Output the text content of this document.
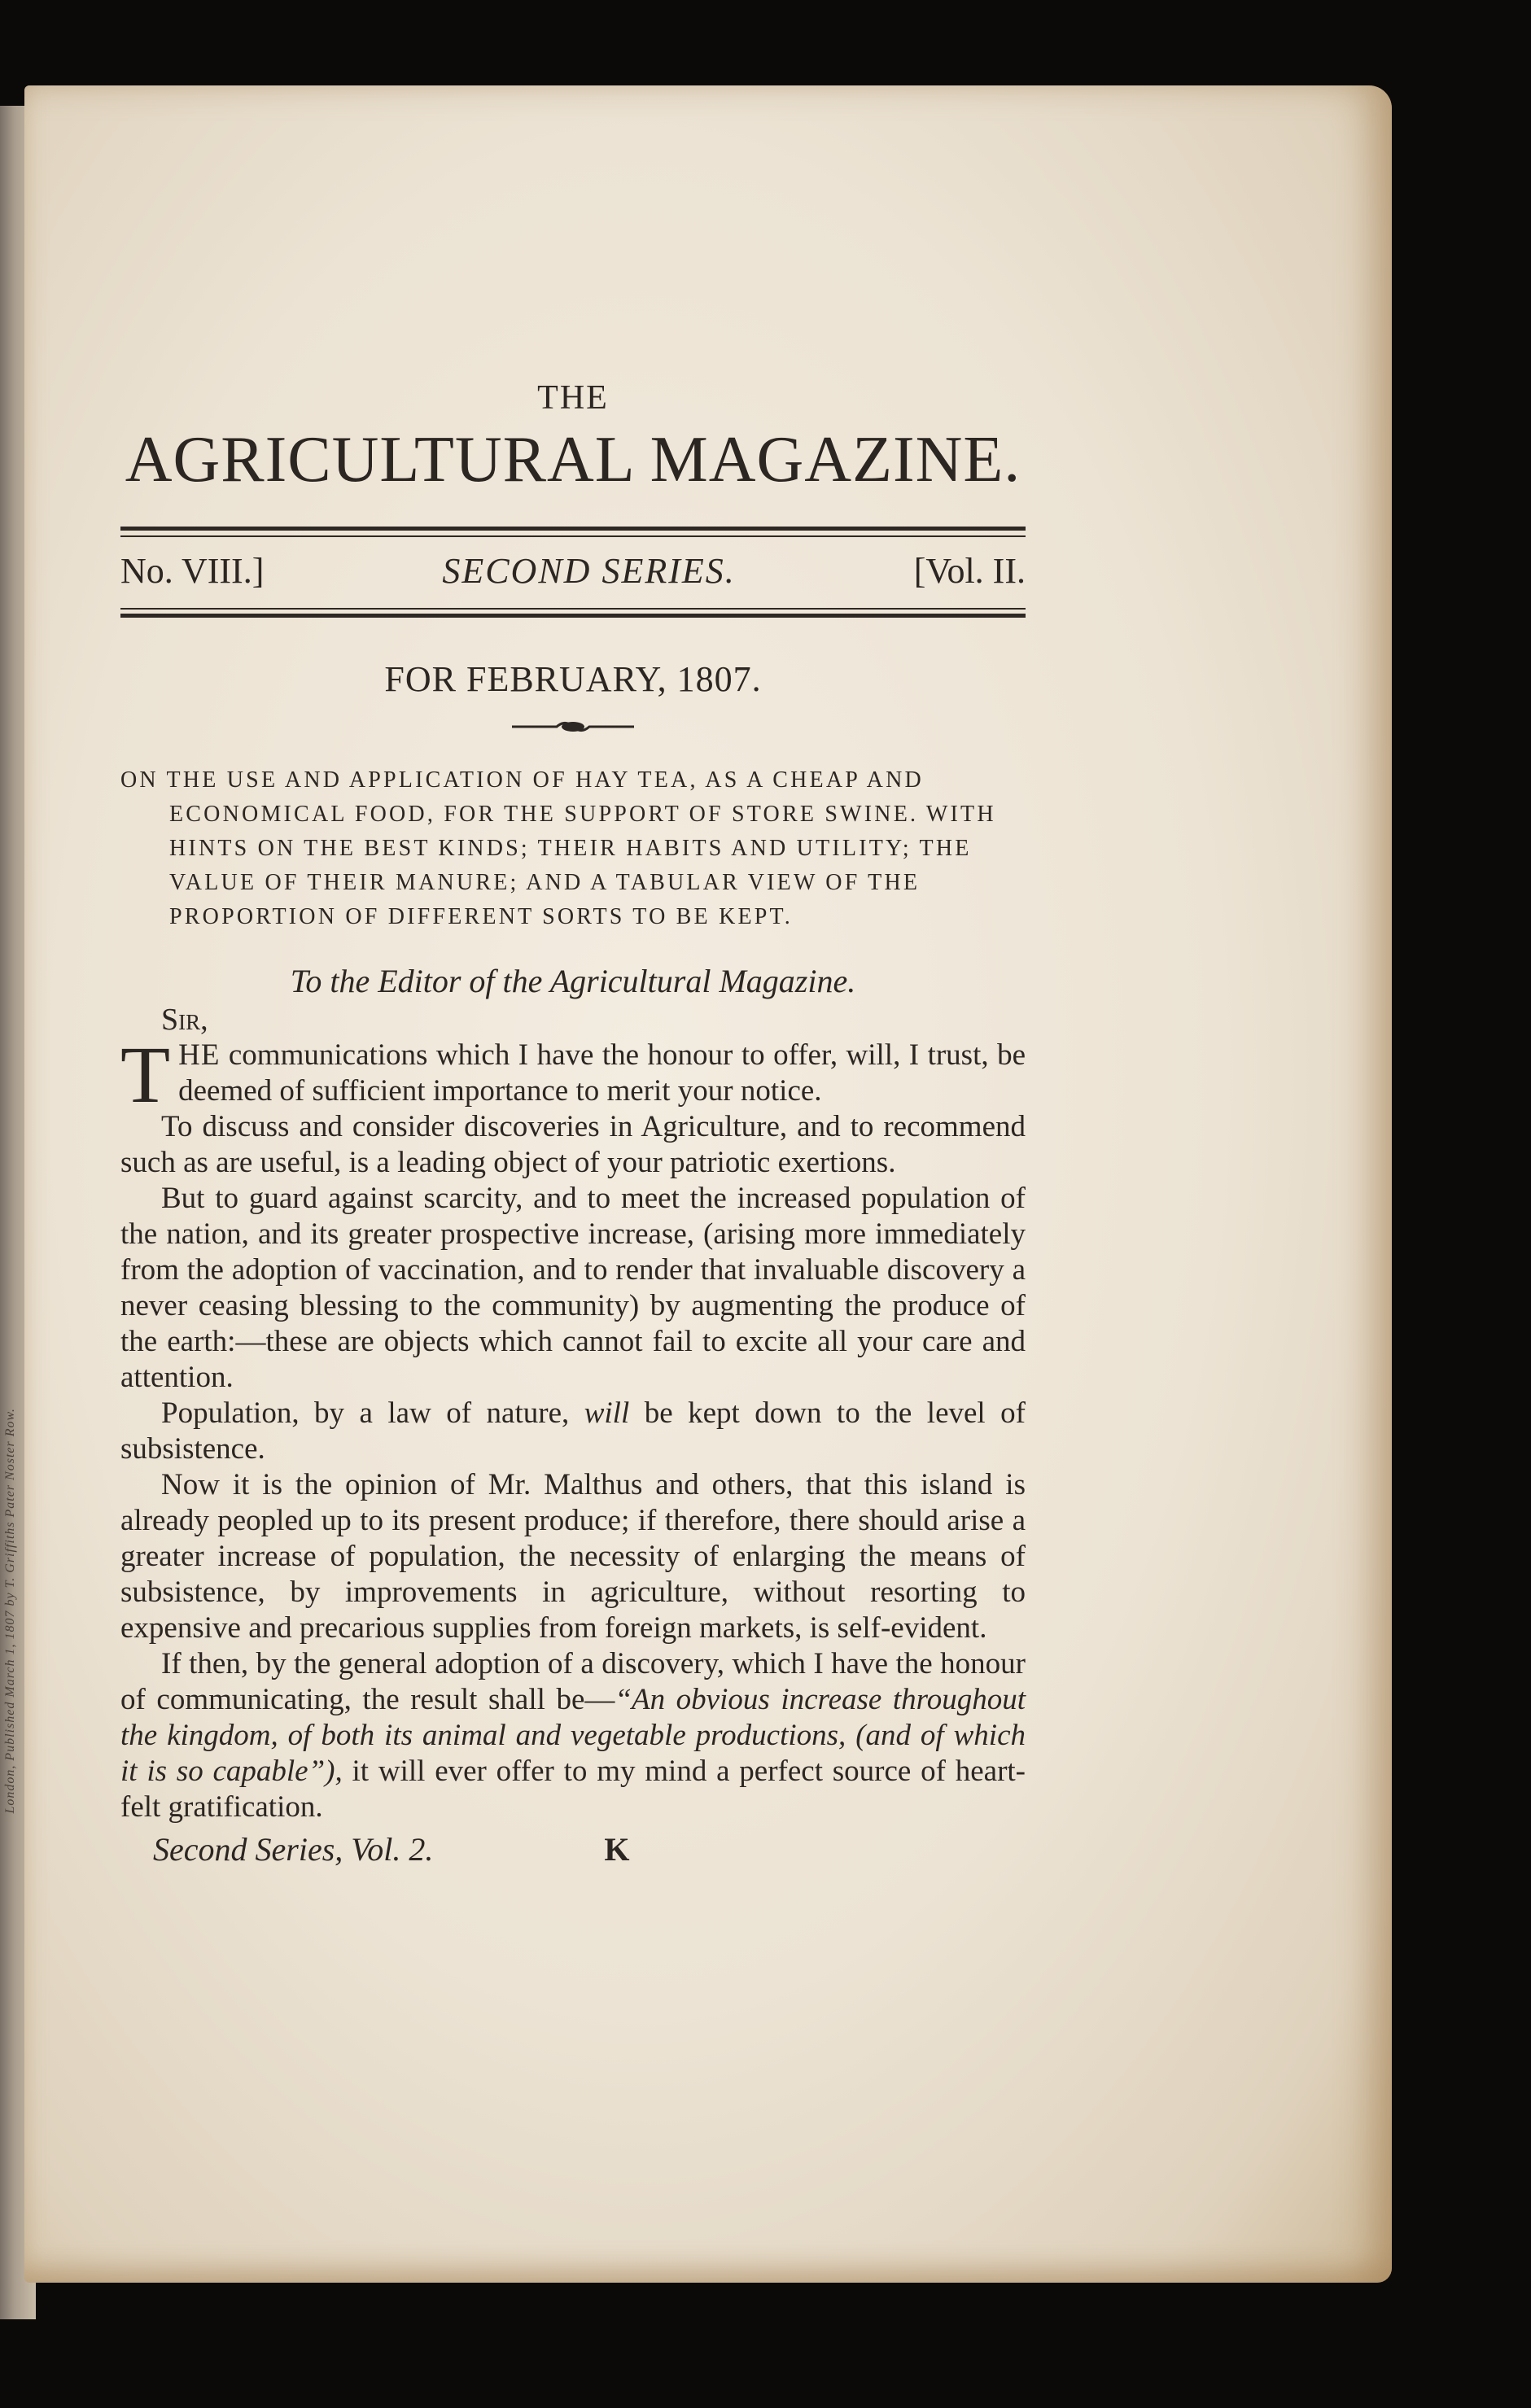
London, Published March 1, 1807 by T. Griffiths Pater Noster Row.
THE
AGRICULTURAL MAGAZINE.
No. VIII.]	SECOND SERIES.	[Vol. II.
FOR FEBRUARY, 1807.
ON THE USE AND APPLICATION OF HAY TEA, AS A CHEAP AND ECONOMICAL FOOD, FOR THE SUPPORT OF STORE SWINE. WITH HINTS ON THE BEST KINDS; THEIR HABITS AND UTILITY; THE VALUE OF THEIR MANURE; AND A TABULAR VIEW OF THE PROPORTION OF DIFFERENT SORTS TO BE KEPT.
To the Editor of the Agricultural Magazine.
Sir,

THE communications which I have the honour to offer, will, I trust, be deemed of sufficient importance to merit your notice.

To discuss and consider discoveries in Agriculture, and to recommend such as are useful, is a leading object of your patriotic exertions.

But to guard against scarcity, and to meet the increased population of the nation, and its greater prospective increase, (arising more immediately from the adoption of vaccination, and to render that invaluable discovery a never ceasing blessing to the community) by augmenting the produce of the earth:—these are objects which cannot fail to excite all your care and attention.

Population, by a law of nature, will be kept down to the level of subsistence.

Now it is the opinion of Mr. Malthus and others, that this island is already peopled up to its present produce; if therefore, there should arise a greater increase of population, the necessity of enlarging the means of subsistence, by improvements in agriculture, without resorting to expensive and precarious supplies from foreign markets, is self-evident.

If then, by the general adoption of a discovery, which I have the honour of communicating, the result shall be—“An obvious increase throughout the kingdom, of both its animal and vegetable productions, (and of which it is so capable”), it will ever offer to my mind a perfect source of heart-felt gratification.

Second Series, Vol. 2.	K
